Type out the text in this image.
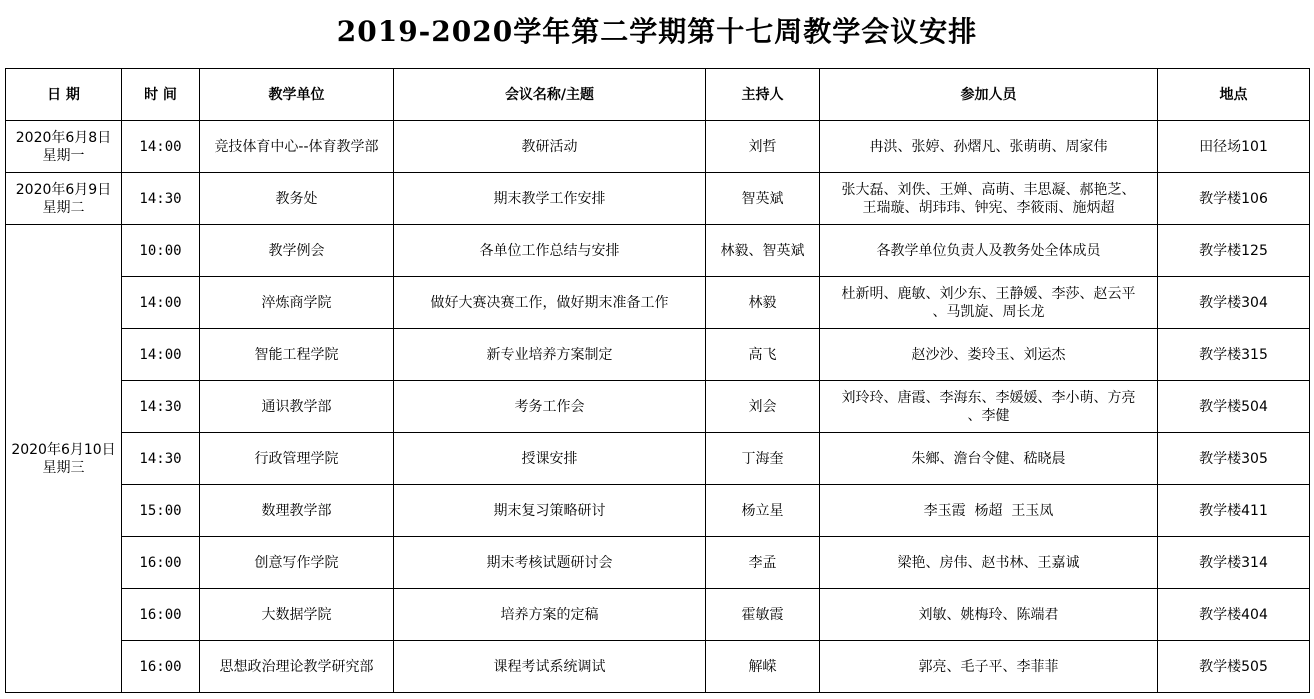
2019-2020学年第二学期第十七周教学会议安排
日 期	时 间	教学单位	会议名称/主题	主持人	参加人员	地点

2020年6月8日
星期一	14:00	竞技体育中心--体育教学部	教研活动	刘哲	冉洪、张婷、孙熠凡、张萌萌、周家伟	田径场101

2020年6月9日
星期二	14:30	教务处	期末教学工作安排	智英斌	张大磊、刘佚、王婵、高萌、丰思凝、郝艳芝、
王瑞璇、胡玮玮、钟宪、李筱雨、施炳超	教学楼106

2020年6月10日
星期三	10:00	教学例会	各单位工作总结与安排	林毅、智英斌	各教学单位负责人及教务处全体成员	教学楼125
	14:00	淬炼商学院	做好大赛决赛工作，做好期末准备工作	林毅	杜新明、鹿敏、刘少东、王静媛、李莎、赵云平
、马凯旋、周长龙	教学楼304
	14:00	智能工程学院	新专业培养方案制定	高飞	赵沙沙、娄玲玉、刘运杰	教学楼315
	14:30	通识教学部	考务工作会	刘会	刘玲玲、唐霞、李海东、李媛媛、李小萌、方亮
、李健	教学楼504
	14:30	行政管理学院	授课安排	丁海奎	朱鄉、澹台令健、嵇晓晨	教学楼305
	15:00	数理教学部	期末复习策略研讨	杨立星	李玉霞  杨超  王玉凤	教学楼411
	16:00	创意写作学院	期末考核试题研讨会	李孟	梁艳、房伟、赵书林、王嘉诚	教学楼314
	16:00	大数据学院	培养方案的定稿	霍敏霞	刘敏、姚梅玲、陈端君	教学楼404
	16:00	思想政治理论教学研究部	课程考试系统调试	解嵘	郭亮、毛子平、李菲菲	教学楼505
